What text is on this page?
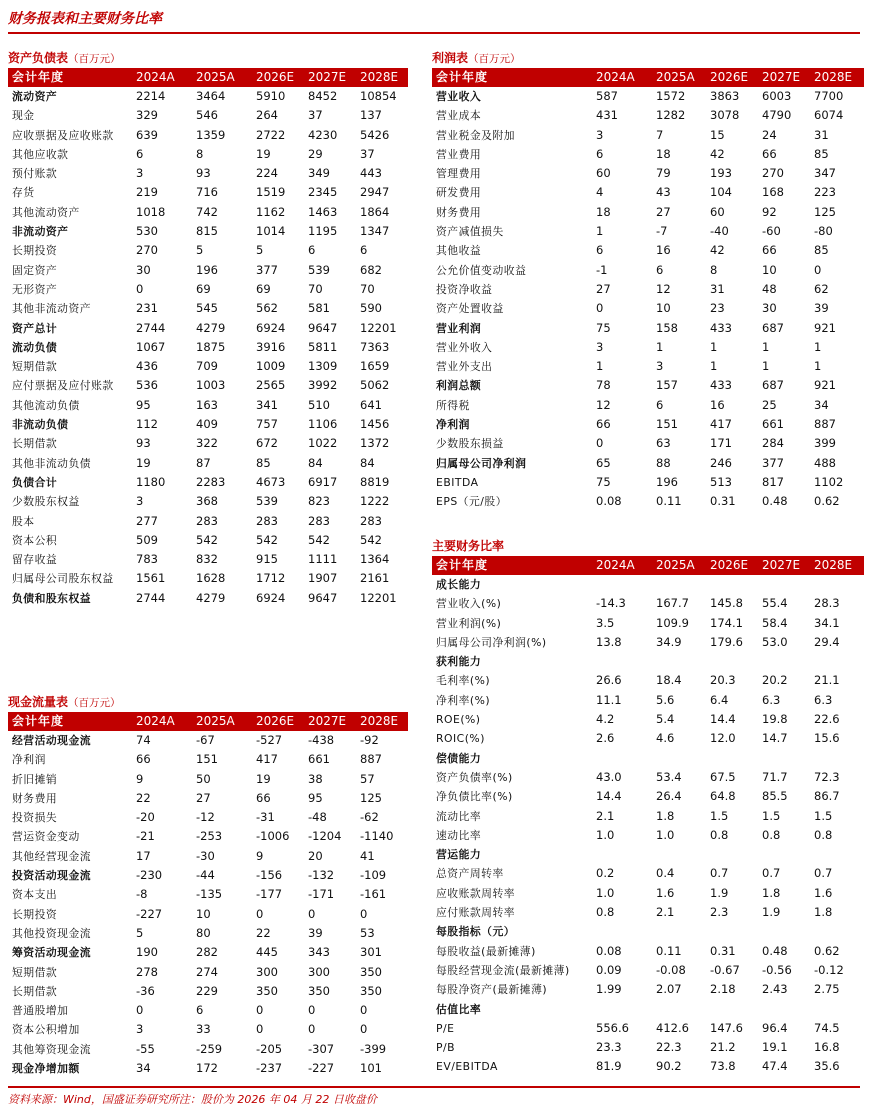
财务报表和主要财务比率
资产负债表（百万元）
会计年度	2024A	2025A	2026E	2027E	2028E
流动资产	2214	3464	5910	8452	10854
现金	329	546	264	37	137
应收票据及应收账款	639	1359	2722	4230	5426
其他应收款	6	8	19	29	37
预付账款	3	93	224	349	443
存货	219	716	1519	2345	2947
其他流动资产	1018	742	1162	1463	1864
非流动资产	530	815	1014	1195	1347
长期投资	270	5	5	6	6
固定资产	30	196	377	539	682
无形资产	0	69	69	70	70
其他非流动资产	231	545	562	581	590
资产总计	2744	4279	6924	9647	12201
流动负债	1067	1875	3916	5811	7363
短期借款	436	709	1009	1309	1659
应付票据及应付账款	536	1003	2565	3992	5062
其他流动负债	95	163	341	510	641
非流动负债	112	409	757	1106	1456
长期借款	93	322	672	1022	1372
其他非流动负债	19	87	85	84	84
负债合计	1180	2283	4673	6917	8819
少数股东权益	3	368	539	823	1222
股本	277	283	283	283	283
资本公积	509	542	542	542	542
留存收益	783	832	915	1111	1364
归属母公司股东权益	1561	1628	1712	1907	2161
负债和股东权益	2744	4279	6924	9647	12201
利润表（百万元）
会计年度	2024A	2025A	2026E	2027E	2028E
营业收入	587	1572	3863	6003	7700
营业成本	431	1282	3078	4790	6074
营业税金及附加	3	7	15	24	31
营业费用	6	18	42	66	85
管理费用	60	79	193	270	347
研发费用	4	43	104	168	223
财务费用	18	27	60	92	125
资产减值损失	1	-7	-40	-60	-80
其他收益	6	16	42	66	85
公允价值变动收益	-1	6	8	10	0
投资净收益	27	12	31	48	62
资产处置收益	0	10	23	30	39
营业利润	75	158	433	687	921
营业外收入	3	1	1	1	1
营业外支出	1	3	1	1	1
利润总额	78	157	433	687	921
所得税	12	6	16	25	34
净利润	66	151	417	661	887
少数股东损益	0	63	171	284	399
归属母公司净利润	65	88	246	377	488
EBITDA	75	196	513	817	1102
EPS（元/股）	0.08	0.11	0.31	0.48	0.62
现金流量表（百万元）
会计年度	2024A	2025A	2026E	2027E	2028E
经营活动现金流	74	-67	-527	-438	-92
净利润	66	151	417	661	887
折旧摊销	9	50	19	38	57
财务费用	22	27	66	95	125
投资损失	-20	-12	-31	-48	-62
营运资金变动	-21	-253	-1006	-1204	-1140
其他经营现金流	17	-30	9	20	41
投资活动现金流	-230	-44	-156	-132	-109
资本支出	-8	-135	-177	-171	-161
长期投资	-227	10	0	0	0
其他投资现金流	5	80	22	39	53
筹资活动现金流	190	282	445	343	301
短期借款	278	274	300	300	350
长期借款	-36	229	350	350	350
普通股增加	0	6	0	0	0
资本公积增加	3	33	0	0	0
其他筹资现金流	-55	-259	-205	-307	-399
现金净增加额	34	172	-237	-227	101
主要财务比率
会计年度	2024A	2025A	2026E	2027E	2028E
成长能力					
营业收入(%)	-14.3	167.7	145.8	55.4	28.3
营业利润(%)	3.5	109.9	174.1	58.4	34.1
归属母公司净利润(%)	13.8	34.9	179.6	53.0	29.4
获利能力					
毛利率(%)	26.6	18.4	20.3	20.2	21.1
净利率(%)	11.1	5.6	6.4	6.3	6.3
ROE(%)	4.2	5.4	14.4	19.8	22.6
ROIC(%)	2.6	4.6	12.0	14.7	15.6
偿债能力					
资产负债率(%)	43.0	53.4	67.5	71.7	72.3
净负债比率(%)	14.4	26.4	64.8	85.5	86.7
流动比率	2.1	1.8	1.5	1.5	1.5
速动比率	1.0	1.0	0.8	0.8	0.8
营运能力					
总资产周转率	0.2	0.4	0.7	0.7	0.7
应收账款周转率	1.0	1.6	1.9	1.8	1.6
应付账款周转率	0.8	2.1	2.3	1.9	1.8
每股指标（元）					
每股收益(最新摊薄)	0.08	0.11	0.31	0.48	0.62
每股经营现金流(最新摊薄)	0.09	-0.08	-0.67	-0.56	-0.12
每股净资产(最新摊薄)	1.99	2.07	2.18	2.43	2.75
估值比率					
P/E	556.6	412.6	147.6	96.4	74.5
P/B	23.3	22.3	21.2	19.1	16.8
EV/EBITDA	81.9	90.2	73.8	47.4	35.6
资料来源：Wind，国盛证券研究所注：股价为 2026 年 04 月 22 日收盘价
